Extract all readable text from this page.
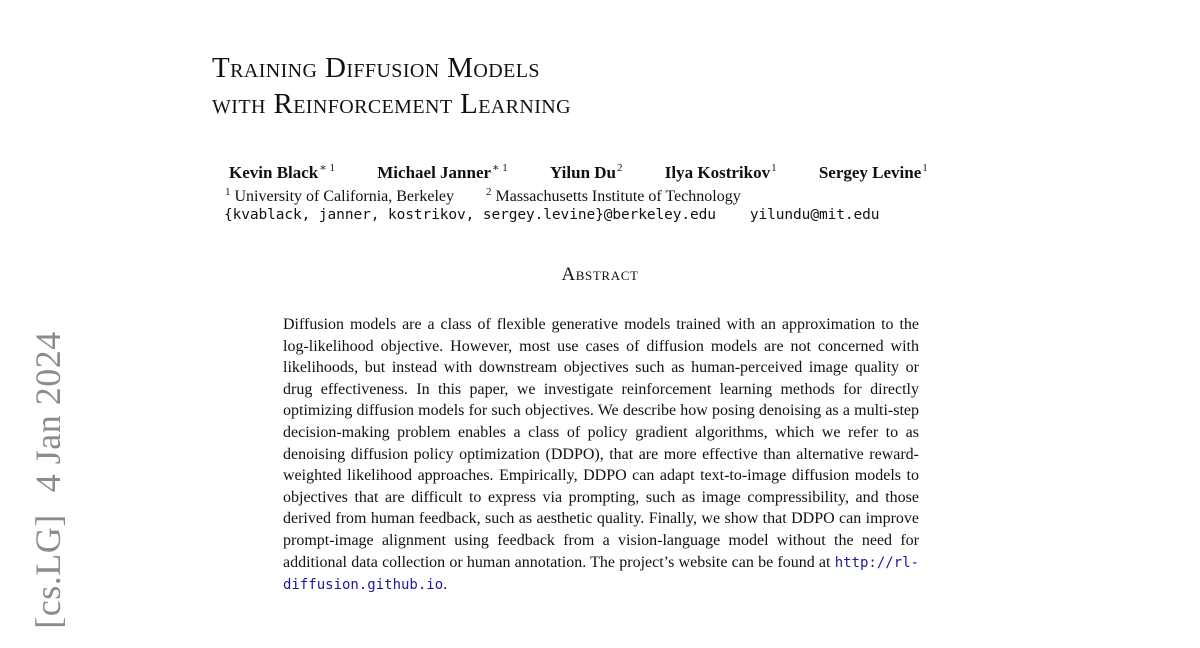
Training Diffusion Models
with Reinforcement Learning
Kevin Black$^{∗ 1}$ Michael Janner$^{∗ 1}$ Yilun Du$^2$ Ilya Kostrikov$^1$ Sergey Levine$^1$
$^1$ University of California, Berkeley	$^2$ Massachusetts Institute of Technology
{kvablack, janner, kostrikov, sergey.levine}@berkeley.edu yilundu@mit.edu
Abstract

Diffusion models are a class of flexible generative models trained with an approximation to the log-likelihood objective. However, most use cases of diffusion models are not concerned with likelihoods, but instead with downstream objectives such as human-perceived image quality or drug effectiveness. In this paper, we investigate reinforcement learning methods for directly optimizing diffusion models for such objectives. We describe how posing denoising as a multi-step decision-making problem enables a class of policy gradient algorithms, which we refer to as denoising diffusion policy optimization (DDPO), that are more effective than alternative reward-weighted likelihood approaches. Empirically, DDPO can adapt text-to-image diffusion models to objectives that are difficult to express via prompting, such as image compressibility, and those derived from human feedback, such as aesthetic quality. Finally, we show that DDPO can improve prompt-image alignment using feedback from a vision-language model without the need for additional data collection or human annotation. The project’s website can be found at http://rl-diffusion.github.io.

[cs.LG]4 Jan 2024
